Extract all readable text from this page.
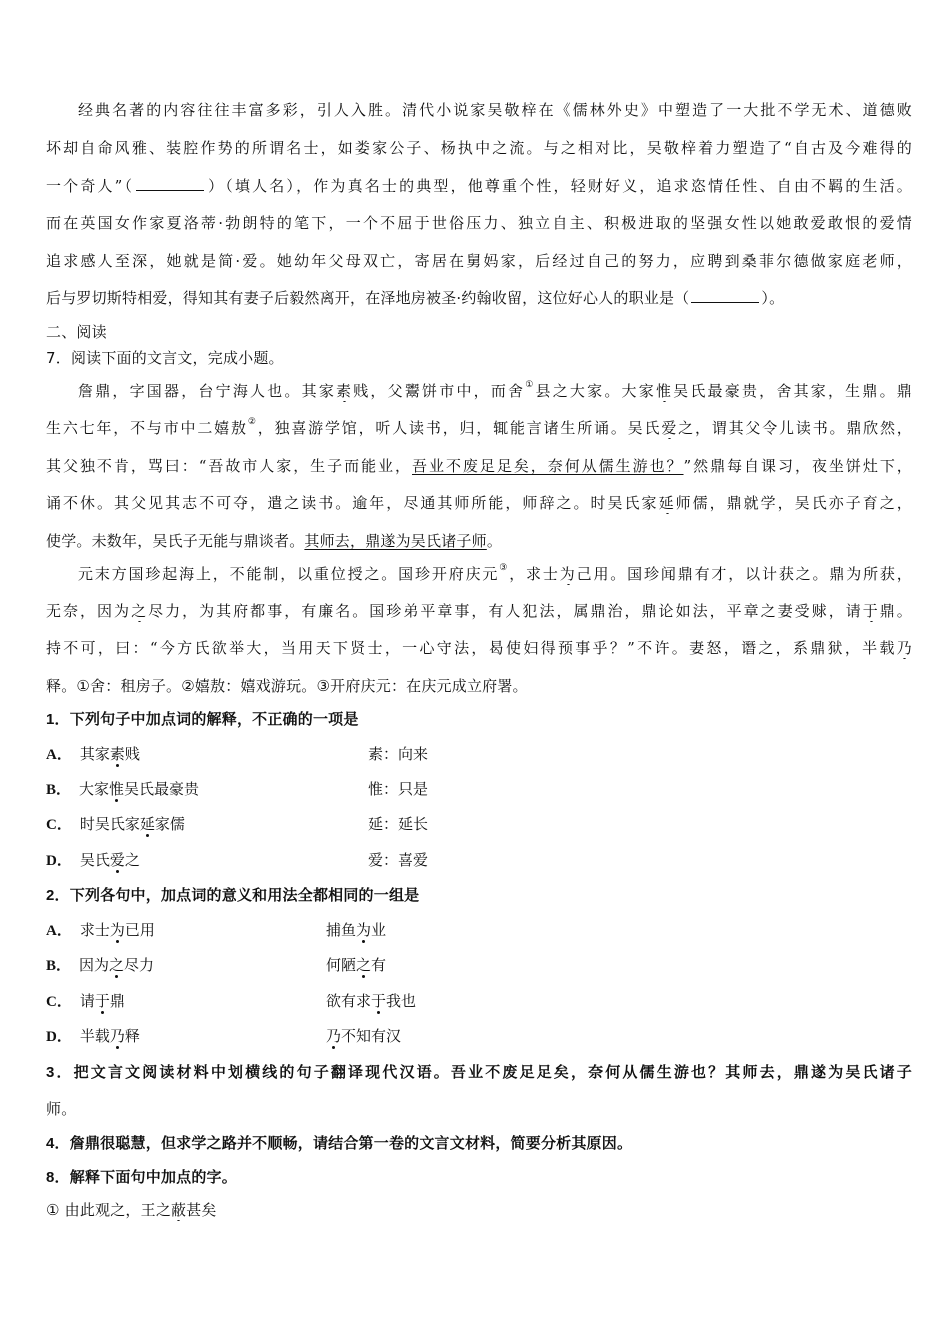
经典名著的内容往往丰富多彩，引人入胜。清代小说家吴敬梓在《儒林外史》中塑造了一大批不学无术、道德败
坏却自命风雅、装腔作势的所谓名士，如娄家公子、杨执中之流。与之相对比，吴敬梓着力塑造了“自古及今难得的
一个奇人”（	）（填人名），作为真名士的典型，他尊重个性，轻财好义，追求恣情任性、自由不羁的生活。
而在英国女作家夏洛蒂·勃朗特的笔下，一个不屈于世俗压力、独立自主、积极进取的坚强女性以她敢爱敢恨的爱情
追求感人至深，她就是简·爱。她幼年父母双亡，寄居在舅妈家，后经过自己的努力，应聘到桑菲尔德做家庭老师，
后与罗切斯特相爱，得知其有妻子后毅然离开，在泽地房被圣·约翰收留，这位好心人的职业是（	）。
二、阅读
7．阅读下面的文言文，完成小题。
詹鼎，字国器，台宁海人也。其家素贱，父鬻饼市中，而舍①县之大家。大家惟吴氏最豪贵，舍其家，生鼎。鼎
生六七年，不与市中二嬉敖②，独喜游学馆，听人读书，归，辄能言诸生所诵。吴氏爱之，谓其父令儿读书。鼎欣然，
其父独不肯，骂曰：“吾故市人家，生子而能业，吾业不废足足矣，奈何从儒生游也？”然鼎每自课习，夜坐饼灶下，
诵不休。其父见其志不可夺，遣之读书。逾年，尽通其师所能，师辞之。时吴氏家延师儒，鼎就学，吴氏亦子育之，
使学。未数年，吴氏子无能与鼎谈者。其师去，鼎遂为吴氏诸子师。
元末方国珍起海上，不能制，以重位授之。国珍开府庆元③，求士为己用。国珍闻鼎有才，以计获之。鼎为所获，
无奈，因为之尽力，为其府都事，有廉名。国珍弟平章事，有人犯法，属鼎治，鼎论如法，平章之妻受赇，请于鼎。
持不可，曰：“今方氏欲举大，当用天下贤士，一心守法，曷使妇得预事乎？”不许。妻怒，谮之，系鼎狱，半载乃
释。①舍：租房子。②嬉敖：嬉戏游玩。③开府庆元：在庆元成立府署。
1．下列句子中加点词的解释，不正确的一项是
A． 其家素贱	素：向来
B． 大家惟吴氏最豪贵	惟：只是
C． 时吴氏家延家儒	延：延长
D． 吴氏爱之	爱：喜爱
2．下列各句中，加点词的意义和用法全都相同的一组是
A． 求士为已用	捕鱼为业
B． 因为之尽力	何陋之有
C． 请于鼎	欲有求于我也
D． 半载乃释	乃不知有汉
3．把文言文阅读材料中划横线的句子翻译现代汉语。吾业不废足足矣，奈何从儒生游也？其师去，鼎遂为吴氏诸子
师。
4．詹鼎很聪慧，但求学之路并不顺畅，请结合第一卷的文言文材料，简要分析其原因。
8．解释下面句中加点的字。
① 由此观之，王之蔽甚矣
